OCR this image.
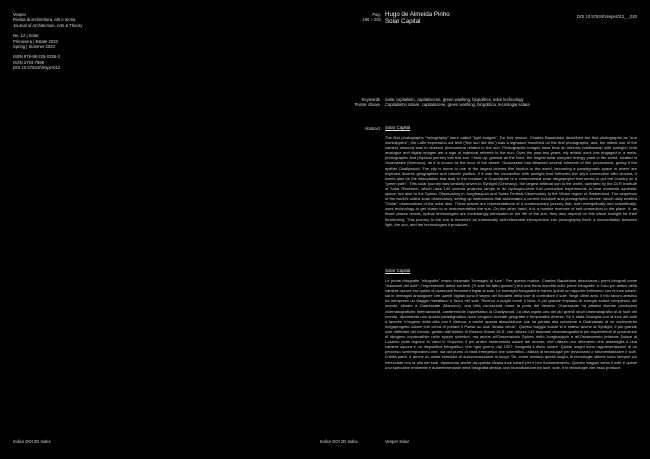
Vesper
Rivista di architettura, arti e teoria
Journal of Architecture, Arts & Theory
No. 12 | Solar
Primavera | Estate 2023
Spring | Summer 2023
ISBN 978-88-229-0336-3
ISSN 2704-7598
DOI 10.57634/Vesper012
Pag.
190 – 202
Hugo de Almeida Pinho
Solar Capital
DOI 10.57634/Vesper012_ _020
Keywords
Parole chiave
Solar capitalism, capitalocene, green washing, biopolitics, solar technology
Capitalismo solare, capitalocene, green washing, biopolitica, tecnologia solare
Abstract Solar Capital

The first photographs "heliography" were called "light images". For this reason, Charles Baudelaire described the first photographs as "sun worshippers"; the Latin expression sol fecit ("the sun did this") was a signature inscribed on the first photographs; and, the oldest use of the camera obscura was to observe phenomena related to the sun. Photographic images have thus an intrinsic relationship with sunlight: both analogue and digital images are a sign of indexical referent to the sun. Over the past two years, my artistic work has engaged in a meta-photographic and physical journey into this sun. I built up, gravest as the Noor, the largest solar complex energy plant in the world, located in Ouarzazate (Morocco), as it is known as the door of the desert. Ouarzazate has attracted several interests of film productions, giving it the epithet Ouallywood. The city is home to one of the largest cinema film studios in the world, becoming a paradigmatic space in where are explored diverse geographies and historic politics. If it was the connection with sunlight that furthered the city's connection with cinema, it would also be the association that lead to the creation in Ouarzazate of a controversial solar megaproject that seeks to put the country on a "green path". This solar journey was similarly driven to Synlight (Germany), the largest artificial sun in the world, operated by the DLR Institute of Solar Research, which uses 149 cinema projector lamps to do hydrogen-level fuel production experiments in heat materials synthetic space; but also to the Sphinx Observatory in Jungfraujoch and Swiss Federal Observatory in the Vimeo region of Switzerland. The sequence of the world's oldest solar observatory, setting up instruments that assimilated a current inclusive and photographic device, which daily emitted "iSolar" observations of the solar disc. These places are representations of a contemporary journey that, both energetically and scientifically, uses technology to get closer to or instrumentalize the sun. On the other hand, it is a humble exercise of self-connection to the place. It, as these places reveal, optical technologies are increasingly imbricated in the life of the sun, they also depend on this same sunlight for their functioning. This journey to the sun is therefore an intrinsically self-referential introspection into photography itself: a reconciliation between light, the sun, and the technologies it produces.

Solar Capital

Le prime fotografie "eliografie" erano chiamate "immagini di luce". Per questo motivo, Charles Baudelaire descriveva i primi fotografi come "adoratori del sole"; l'espressione latina sol fecit ("il sole ha fatto questo") era una firma inscritta sulle prime fotografie; e l'uso più antico della camera oscura era quello di osservare fenomeni legati al sole. Le immagini fotografiche hanno quindi un rapporto intrinseco con la luce solare: sia le immagini analogiche che quelle digitali sono il segno dei fotodetti della luce di controllare il sole. Negli ultimi anni, il mio lavoro artistico ha intrapreso un viaggio metafisico e fisico nel sole. Ricerca a luoghi come il Noor, il più grande impianto di energia solare complesso del mondo, situato a Ouarzazate (Marocco), una città conosciuta come la porta del deserto. Ouarzazate ha attratto diverse produzioni cinematografiche internazionali, conferendole l'appellativo di Ouallywood. La città ospita uno dei più grandi studi cinematografici al di fuori del mondo, diventando uno spazio paradigmatico dove vengono ricreate geografie e temporalità diverse. Se è stata l'insegna con la luce del sole a favorire il legame della città con il cinema, è anche questa associazione che ha portato alla creazione a Ouarzazate di un controverso megaprogetto solare che cerca di portare il Paese su una "strada verde". Questo viaggio solare si è esteso anche al Synlight, il più grande sole artificiale del mondo, gestito dall'Istituto di Ricerca Solare DLR, che utilizza 149 lampade cinematografiche per esperimenti di produzione di idrogeno combustibile nello spazio sintetico; ma anche all'Osservatorio Sphinx dello Jungfraujoch e all'Osservatorio federale Solare di Locarno nella regione di Vaud in Svizzera, il più antico osservatorio solare del mondo, che utilizza uno strumento che assomiglia a una camera oscura e un dispositivo fotografico, che ogni giorno, dal 1927, fotografa il disco solare. Questi luoghi sono rappresentazioni di un percorso contemporaneo che, sia dal punto di vista energetico che scientifico, utilizza la tecnologia per avvicinarsi o strumentalizzare il sole. D'altra parte, è anche un umile esercizio di autoconnessione al luogo. Se, come rivelano questi luoghi, le tecnologie ottiche sono sempre più intrecciate con la vita del sole, dipendono anche da questa stessa luce solare per il loro funzionamento. Questo viaggio verso il sole è quindi uno speculare eminente e autoreferenziale nella fotografia stessa: una riconciliazione tra luce, sole, e le tecnologie che esso produce.

Indice DOI 2D Index	Indice DOI 2D Index	Vesper Solar
